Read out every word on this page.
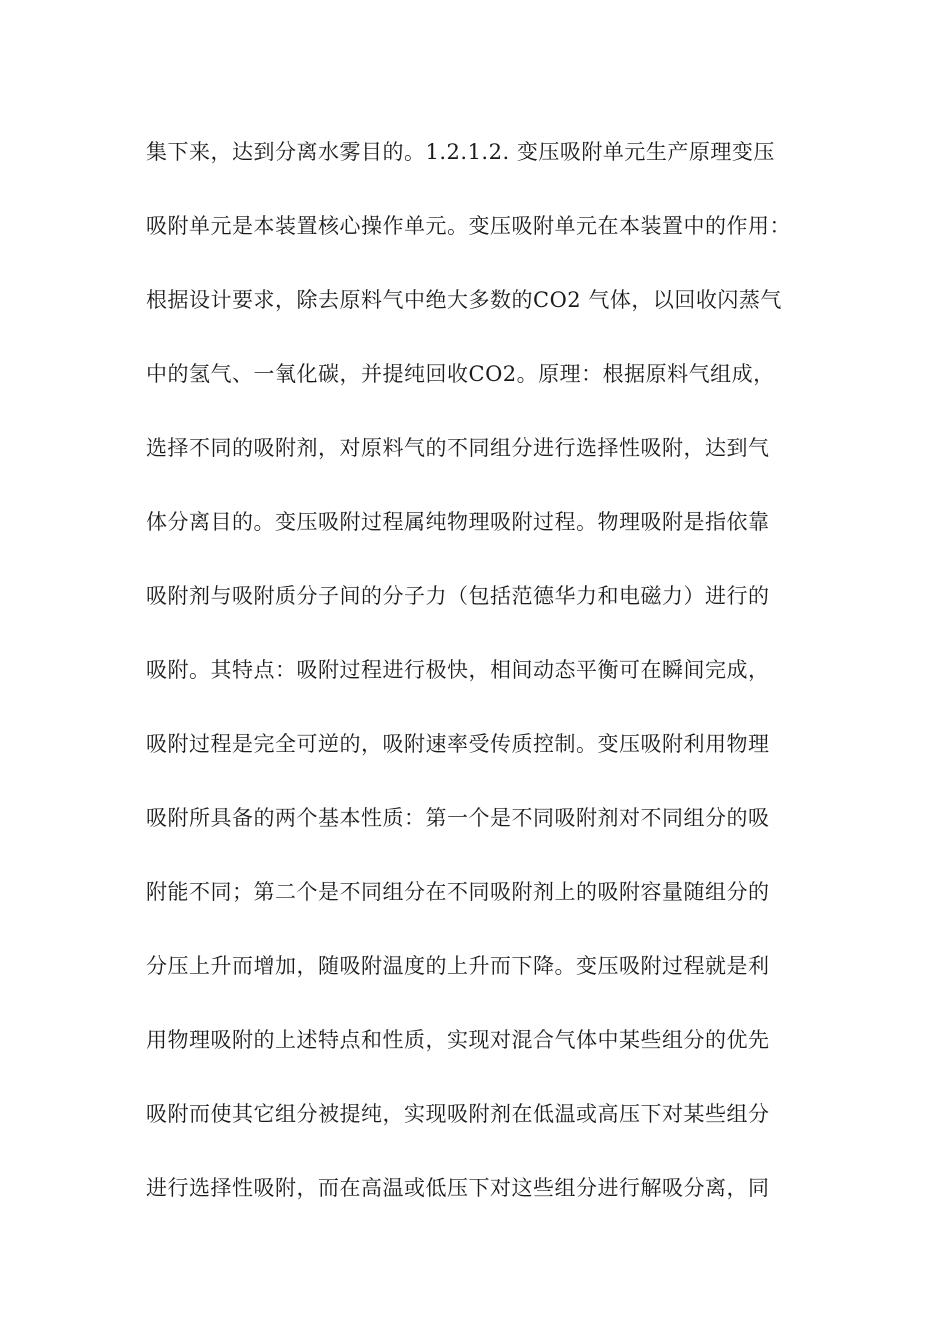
集下来，达到分离水雾目的。1.2.1.2. 变压吸附单元生产原理变压
吸附单元是本装置核心操作单元。变压吸附单元在本装置中的作用：
根据设计要求，除去原料气中绝大多数的CO2 气体，以回收闪蒸气
中的氢气、一氧化碳，并提纯回收CO2。原理：根据原料气组成，
选择不同的吸附剂，对原料气的不同组分进行选择性吸附，达到气
体分离目的。变压吸附过程属纯物理吸附过程。物理吸附是指依靠
吸附剂与吸附质分子间的分子力（包括范德华力和电磁力）进行的
吸附。其特点：吸附过程进行极快，相间动态平衡可在瞬间完成，
吸附过程是完全可逆的，吸附速率受传质控制。变压吸附利用物理
吸附所具备的两个基本性质：第一个是不同吸附剂对不同组分的吸
附能不同；第二个是不同组分在不同吸附剂上的吸附容量随组分的
分压上升而增加，随吸附温度的上升而下降。变压吸附过程就是利
用物理吸附的上述特点和性质，实现对混合气体中某些组分的优先
吸附而使其它组分被提纯，实现吸附剂在低温或高压下对某些组分
进行选择性吸附，而在高温或低压下对这些组分进行解吸分离，同
